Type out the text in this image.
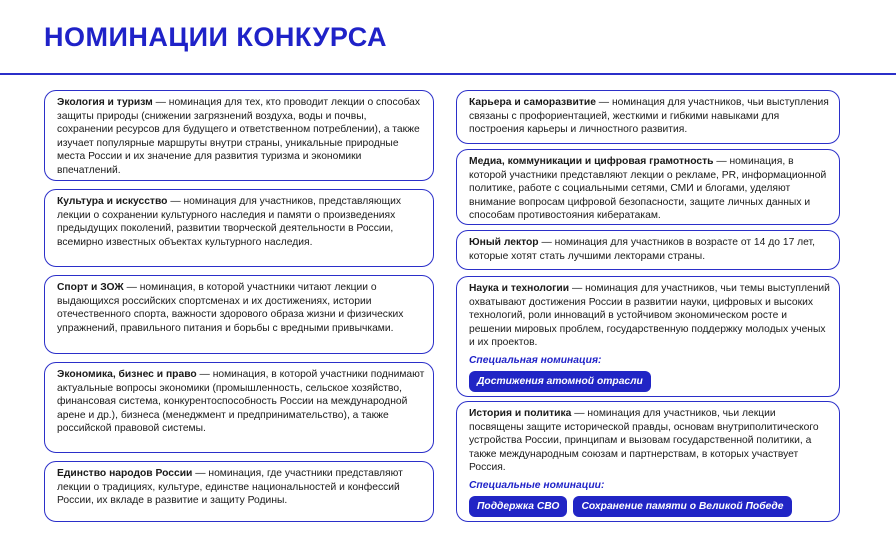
НОМИНАЦИИ КОНКУРСА
Экология и туризм — номинация для тех, кто проводит лекции о способах защиты природы (снижении загрязнений воздуха, воды и почвы, сохранении ресурсов для будущего и ответственном потреблении), а также изучает популярные маршруты внутри страны, уникальные природные места России и их значение для развития туризма и экономики впечатлений.
Культура и искусство — номинация для участников, представляющих лекции о сохранении культурного наследия и памяти о произведениях предыдущих поколений, развитии творческой деятельности в России, всемирно известных объектах культурного наследия.
Спорт и ЗОЖ — номинация, в которой участники читают лекции о выдающихся российских спортсменах и их достижениях, истории отечественного спорта, важности здорового образа жизни и физических упражнений, правильного питания и борьбы с вредными привычками.
Экономика, бизнес и право — номинация, в которой участники поднимают актуальные вопросы экономики (промышленность, сельское хозяйство, финансовая система, конкурентоспособность России на международной арене и др.), бизнеса (менеджмент и предпринимательство), а также российской правовой системы.
Единство народов России — номинация, где участники представляют лекции о традициях, культуре, единстве национальностей и конфессий России, их вкладе в развитие и защиту Родины.
Карьера и саморазвитие — номинация для участников, чьи выступления связаны с профориентацией, жесткими и гибкими навыками для построения карьеры и личностного развития.
Медиа, коммуникации и цифровая грамотность — номинация, в которой участники представляют лекции о рекламе, PR, информационной политике, работе с социальными сетями, СМИ и блогами, уделяют внимание вопросам цифровой безопасности, защите личных данных и способам противостояния кибератакам.
Юный лектор — номинация для участников в возрасте от 14 до 17 лет, которые хотят стать лучшими лекторами страны.
Наука и технологии — номинация для участников, чьи темы выступлений охватывают достижения России в развитии науки, цифровых и высоких технологий, роли инноваций в устойчивом экономическом росте и решении мировых проблем, государственную поддержку молодых ученых и их проектов.
Специальная номинация:
Достижения атомной отрасли
История и политика — номинация для участников, чьи лекции посвящены защите исторической правды, основам внутриполитического устройства России, принципам и вызовам государственной политики, а также международным союзам и партнерствам, в которых участвует Россия.
Специальные номинации:
Поддержка СВО Сохранение памяти о Великой Победе
